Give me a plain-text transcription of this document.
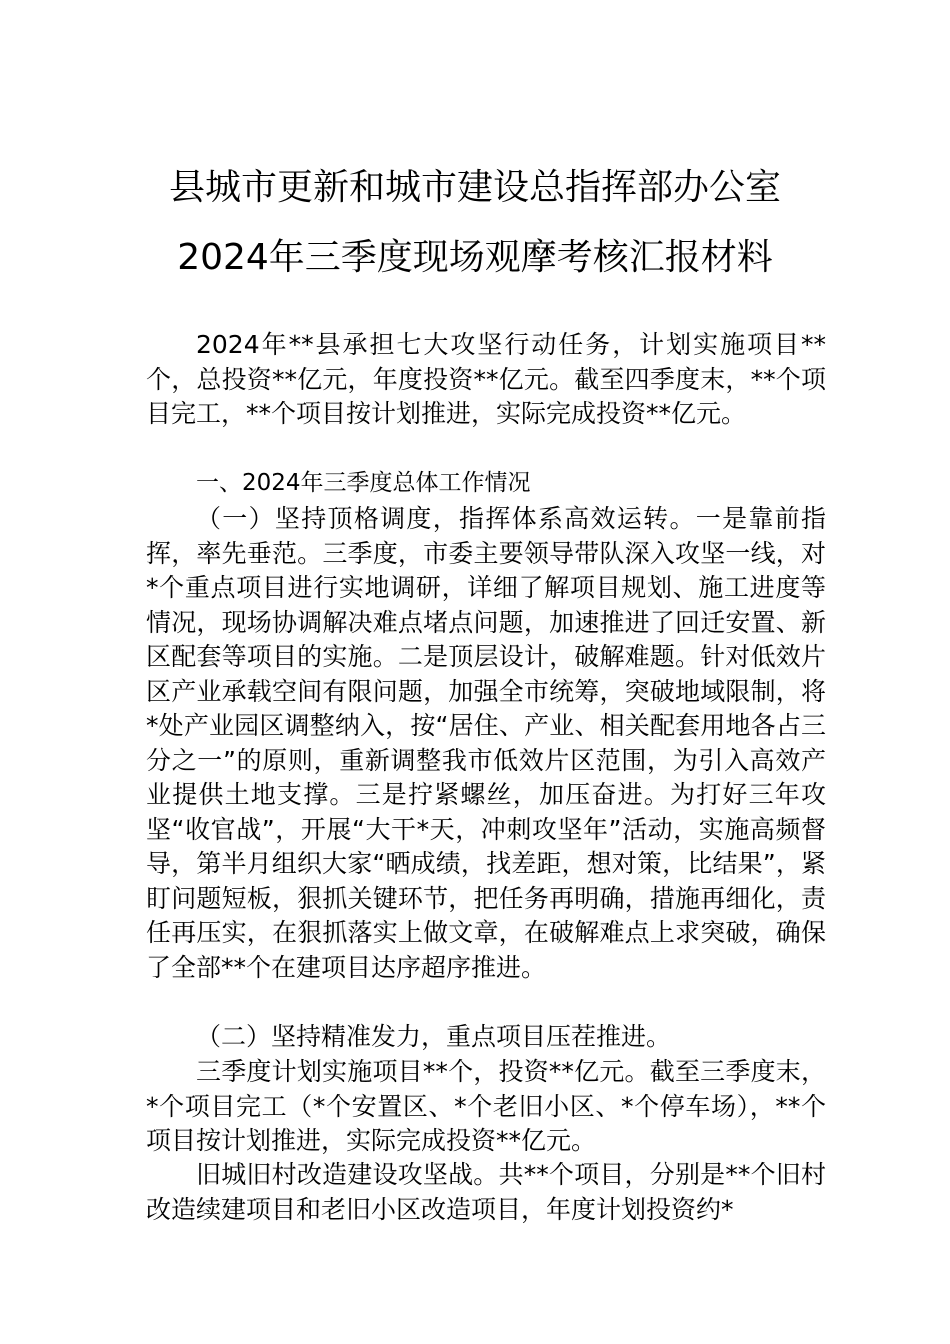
县城市更新和城市建设总指挥部办公室
2024年三季度现场观摩考核汇报材料

2024年**县承担七大攻坚行动任务，计划实施项目**个，总投资**亿元，年度投资**亿元。截至四季度末，**个项目完工，**个项目按计划推进，实际完成投资**亿元。

一、2024年三季度总体工作情况

（一）坚持顶格调度，指挥体系高效运转。一是靠前指挥，率先垂范。三季度，市委主要领导带队深入攻坚一线，对*个重点项目进行实地调研，详细了解项目规划、施工进度等情况，现场协调解决难点堵点问题，加速推进了回迁安置、新区配套等项目的实施。二是顶层设计，破解难题。针对低效片区产业承载空间有限问题，加强全市统筹，突破地域限制，将*处产业园区调整纳入，按“居住、产业、相关配套用地各占三分之一”的原则，重新调整我市低效片区范围，为引入高效产业提供土地支撑。三是拧紧螺丝，加压奋进。为打好三年攻坚“收官战”，开展“大干*天，冲刺攻坚年”活动，实施高频督导，第半月组织大家“晒成绩，找差距，想对策，比结果”，紧盯问题短板，狠抓关键环节，把任务再明确，措施再细化，责任再压实，在狠抓落实上做文章，在破解难点上求突破，确保了全部**个在建项目达序超序推进。

（二）坚持精准发力，重点项目压茬推进。

三季度计划实施项目**个，投资**亿元。截至三季度末，*个项目完工（*个安置区、*个老旧小区、*个停车场），**个项目按计划推进，实际完成投资**亿元。

旧城旧村改造建设攻坚战。共**个项目，分别是**个旧村改造续建项目和老旧小区改造项目，年度计划投资约*
